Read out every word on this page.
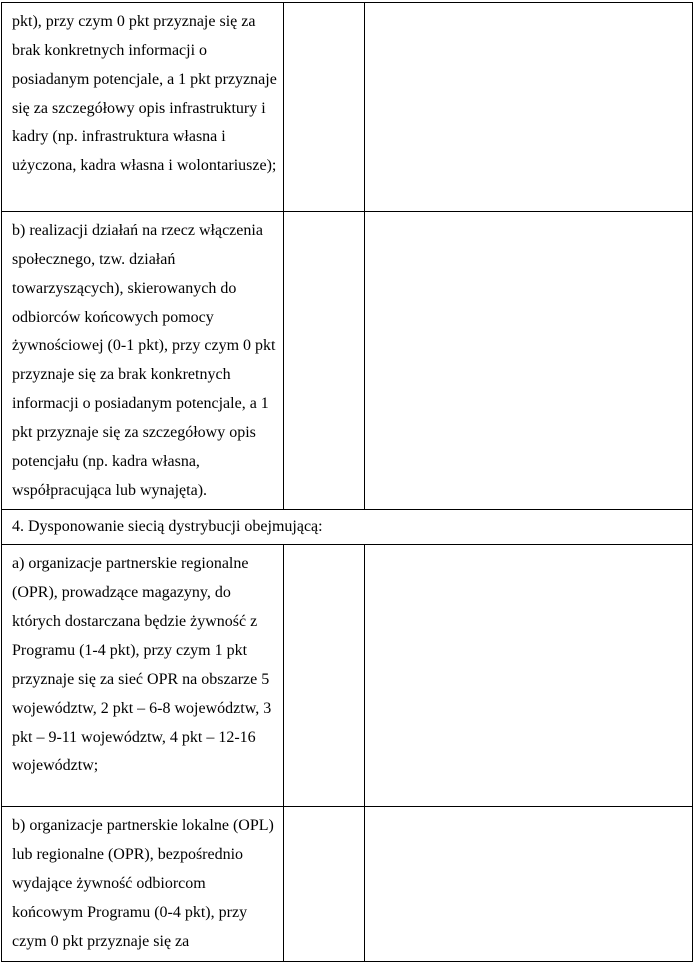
pkt), przy czym 0 pkt przyznaje się za brak konkretnych informacji o posiadanym potencjale, a 1 pkt przyznaje się za szczegółowy opis infrastruktury i kadry (np. infrastruktura własna i użyczona, kadra własna i wolontariusze);		

b) realizacji działań na rzecz włączenia społecznego, tzw. działań towarzyszących), skierowanych do odbiorców końcowych pomocy żywnościowej (0-1 pkt), przy czym 0 pkt przyznaje się za brak konkretnych informacji o posiadanym potencjale, a 1 pkt przyznaje się za szczegółowy opis potencjału (np. kadra własna, współpracująca lub wynajęta).		

4. Dysponowanie siecią dystrybucji obejmującą:		

a) organizacje partnerskie regionalne (OPR), prowadzące magazyny, do których dostarczana będzie żywność z Programu (1-4 pkt), przy czym 1 pkt przyznaje się za sieć OPR na obszarze 5 województw, 2 pkt – 6-8 województw, 3 pkt – 9-11 województw, 4 pkt – 12-16 województw;		

b) organizacje partnerskie lokalne (OPL) lub regionalne (OPR), bezpośrednio wydające żywność odbiorcom końcowym Programu (0-4 pkt), przy czym 0 pkt przyznaje się za		
